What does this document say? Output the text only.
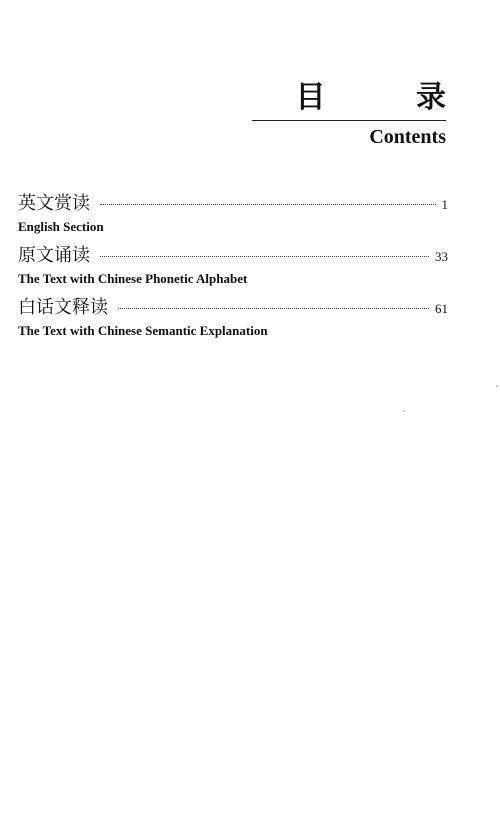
目 录
Contents
英文赏读	1
English Section
原文诵读	33
The Text with Chinese Phonetic Alphabet
白话文释读	61
The Text with Chinese Semantic Explanation
